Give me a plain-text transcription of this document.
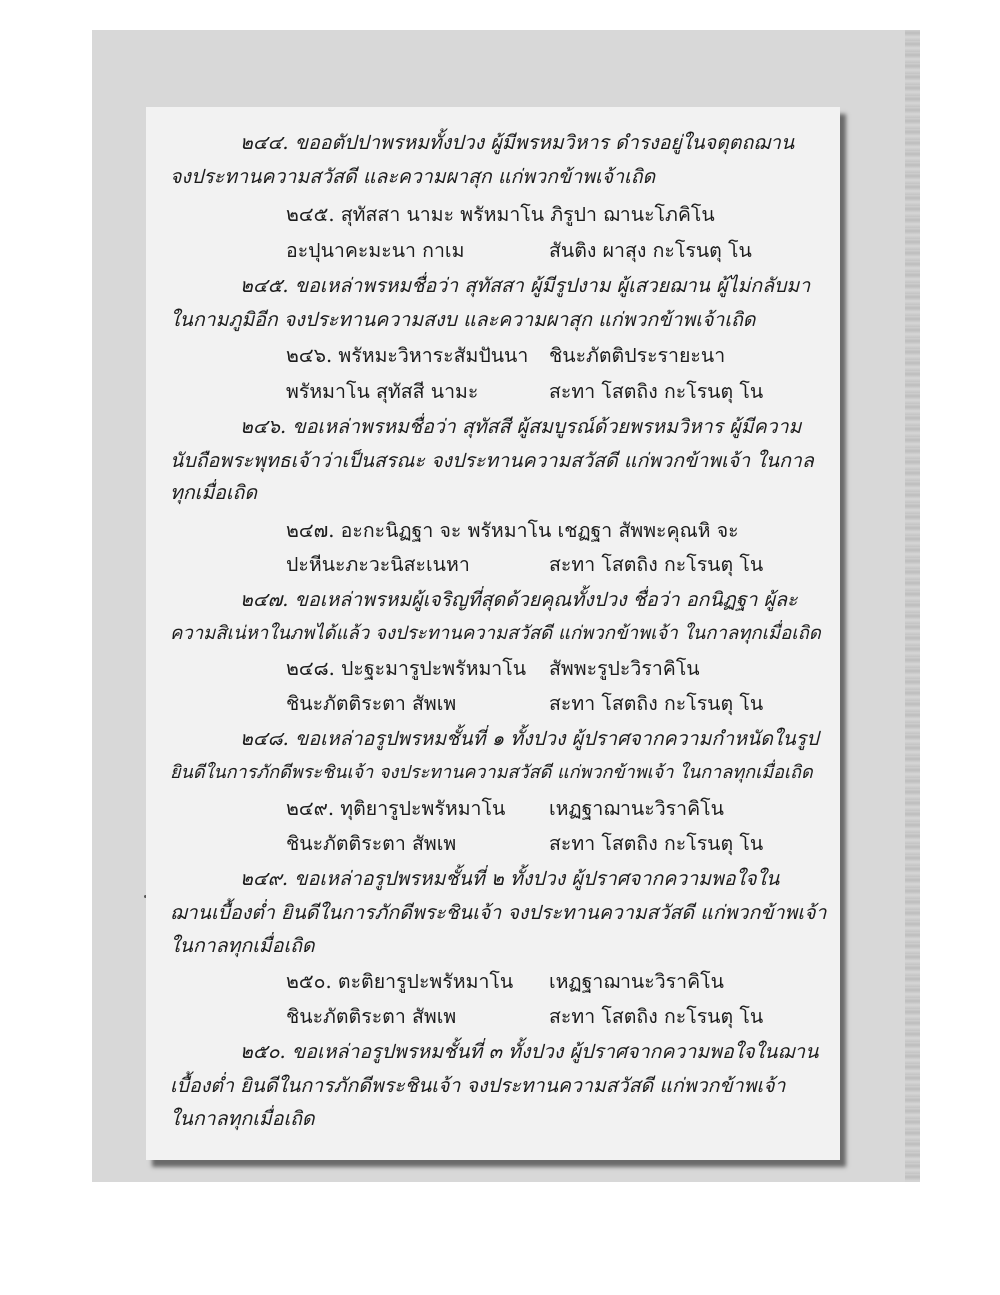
๒๔๔. ขออตัปปาพรหมทั้งปวง ผู้มีพรหมวิหาร ดำรงอยู่ในจตุตถฌาน
จงประทานความสวัสดี และความผาสุก แก่พวกข้าพเจ้าเถิด
๒๔๕. สุทัสสา นามะ พรัหมาโน ภิรูปา ฌานะโภคิโน
อะปุนาคะมะนา กาเม	สันติง ผาสุง กะโรนตุ โน
๒๔๕. ขอเหล่าพรหมชื่อว่า สุทัสสา ผู้มีรูปงาม ผู้เสวยฌาน ผู้ไม่กลับมา
ในกามภูมิอีก จงประทานความสงบ และความผาสุก แก่พวกข้าพเจ้าเถิด
๒๔๖. พรัหมะวิหาระสัมปันนา ชินะภัตติประรายะนา
พรัหมาโน สุทัสสี นามะ	สะทา โสตถิง กะโรนตุ โน
๒๔๖. ขอเหล่าพรหมชื่อว่า สุทัสสี ผู้สมบูรณ์ด้วยพรหมวิหาร ผู้มีความ
นับถือพระพุทธเจ้าว่าเป็นสรณะ จงประทานความสวัสดี แก่พวกข้าพเจ้า ในกาล
ทุกเมื่อเถิด
๒๔๗. อะกะนิฏฐา จะ พรัหมาโน เชฏฐา สัพพะคุณหิ จะ
ปะหีนะภะวะนิสะเนหา	สะทา โสตถิง กะโรนตุ โน
๒๔๗. ขอเหล่าพรหมผู้เจริญที่สุดด้วยคุณทั้งปวง ชื่อว่า อกนิฏฐา ผู้ละ
ความสิเน่หาในภพได้แล้ว จงประทานความสวัสดี แก่พวกข้าพเจ้า ในกาลทุกเมื่อเถิด
๒๔๘. ปะฐะมารูปะพรัหมาโน สัพพะรูปะวิราคิโน
ชินะภัตติระตา สัพเพ	สะทา โสตถิง กะโรนตุ โน
๒๔๘. ขอเหล่าอรูปพรหมชั้นที่ ๑ ทั้งปวง ผู้ปราศจากความกำหนัดในรูป
ยินดีในการภักดีพระชินเจ้า จงประทานความสวัสดี แก่พวกข้าพเจ้า ในกาลทุกเมื่อเถิด
๒๔๙. ทุติยารูปะพรัหมาโน เหฏฐาฌานะวิราคิโน
ชินะภัตติระตา สัพเพ	สะทา โสตถิง กะโรนตุ โน
๒๔๙. ขอเหล่าอรูปพรหมชั้นที่ ๒ ทั้งปวง ผู้ปราศจากความพอใจใน
ฌานเบื้องต่ำ ยินดีในการภักดีพระชินเจ้า จงประทานความสวัสดี แก่พวกข้าพเจ้า
ในกาลทุกเมื่อเถิด
๒๕๐. ตะติยารูปะพรัหมาโน เหฏฐาฌานะวิราคิโน
ชินะภัตติระตา สัพเพ	สะทา โสตถิง กะโรนตุ โน
๒๕๐. ขอเหล่าอรูปพรหมชั้นที่ ๓ ทั้งปวง ผู้ปราศจากความพอใจในฌาน
เบื้องต่ำ ยินดีในการภักดีพระชินเจ้า จงประทานความสวัสดี แก่พวกข้าพเจ้า
ในกาลทุกเมื่อเถิด
